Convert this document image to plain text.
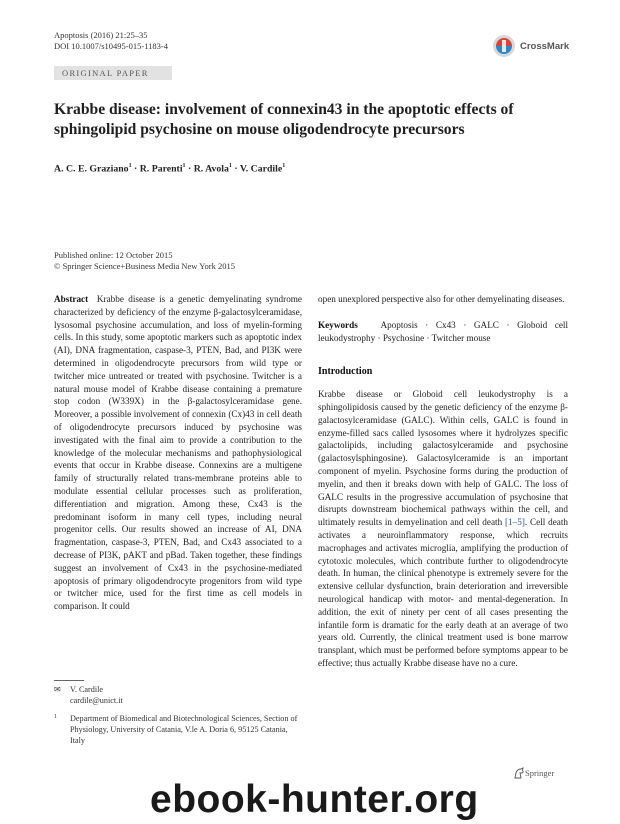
Apoptosis (2016) 21:25–35
DOI 10.1007/s10495-015-1183-4	CrossMark
ORIGINAL PAPER
Krabbe disease: involvement of connexin43 in the apoptotic effects of sphingolipid psychosine on mouse oligodendrocyte precursors
A. C. E. Graziano$^1$ · R. Parenti$^1$ · R. Avola$^1$ · V. Cardile$^1$
Published online: 12 October 2015
© Springer Science+Business Media New York 2015
Abstract Krabbe disease is a genetic demyelinating syndrome characterized by deficiency of the enzyme β-galactosylceramidase, lysosomal psychosine accumulation, and loss of myelin-forming cells. In this study, some apoptotic markers such as apoptotic index (AI), DNA fragmentation, caspase-3, PTEN, Bad, and PI3K were determined in oligodendrocyte precursors from wild type or twitcher mice untreated or treated with psychosine. Twitcher is a natural mouse model of Krabbe disease containing a premature stop codon (W339X) in the β-galactosylceramidase gene. Moreover, a possible involvement of connexin (Cx)43 in cell death of oligodendrocyte precursors induced by psychosine was investigated with the final aim to provide a contribution to the knowledge of the molecular mechanisms and pathophysiological events that occur in Krabbe disease. Connexins are a multigene family of structurally related trans-membrane proteins able to modulate essential cellular processes such as proliferation, differentiation and migration. Among these, Cx43 is the predominant isoform in many cell types, including neural progenitor cells. Our results showed an increase of AI, DNA fragmentation, caspase-3, PTEN, Bad, and Cx43 associated to a decrease of PI3K, pAKT and pBad. Taken together, these findings suggest an involvement of Cx43 in the psychosine-mediated apoptosis of primary oligodendrocyte progenitors from wild type or twitcher mice, used for the first time as cell models in comparison. It could
open unexplored perspective also for other demyelinating diseases.
Keywords Apoptosis · Cx43 · GALC · Globoid cell leukodystrophy · Psychosine · Twitcher mouse
Introduction
Krabbe disease or Globoid cell leukodystrophy is a sphingolipidosis caused by the genetic deficiency of the enzyme β-galactosylceramidase (GALC). Within cells, GALC is found in enzyme-filled sacs called lysosomes where it hydrolyzes specific galactolipids, including galactosylceramide and psychosine (galactosylsphingosine). Galactosylceramide is an important component of myelin. Psychosine forms during the production of myelin, and then it breaks down with help of GALC. The loss of GALC results in the progressive accumulation of psychosine that disrupts downstream biochemical pathways within the cell, and ultimately results in demyelination and cell death [1–5]. Cell death activates a neuroinflammatory response, which recruits macrophages and activates microglia, amplifying the production of cytotoxic molecules, which contribute further to oligodendrocyte death. In human, the clinical phenotype is extremely severe for the extensive cellular dysfunction, brain deterioration and irreversible neurological handicap with motor- and mental-degeneration. In addition, the exit of ninety per cent of all cases presenting the infantile form is dramatic for the early death at an average of two years old. Currently, the clinical treatment used is bone marrow transplant, which must be performed before symptoms appear to be effective; thus actually Krabbe disease have no a cure.
✉ V. Cardile
cardile@unict.it
1	Department of Biomedical and Biotechnological Sciences, Section of Physiology, University of Catania, V.le A. Doria 6, 95125 Catania, Italy
Springer
ebook-hunter.org
